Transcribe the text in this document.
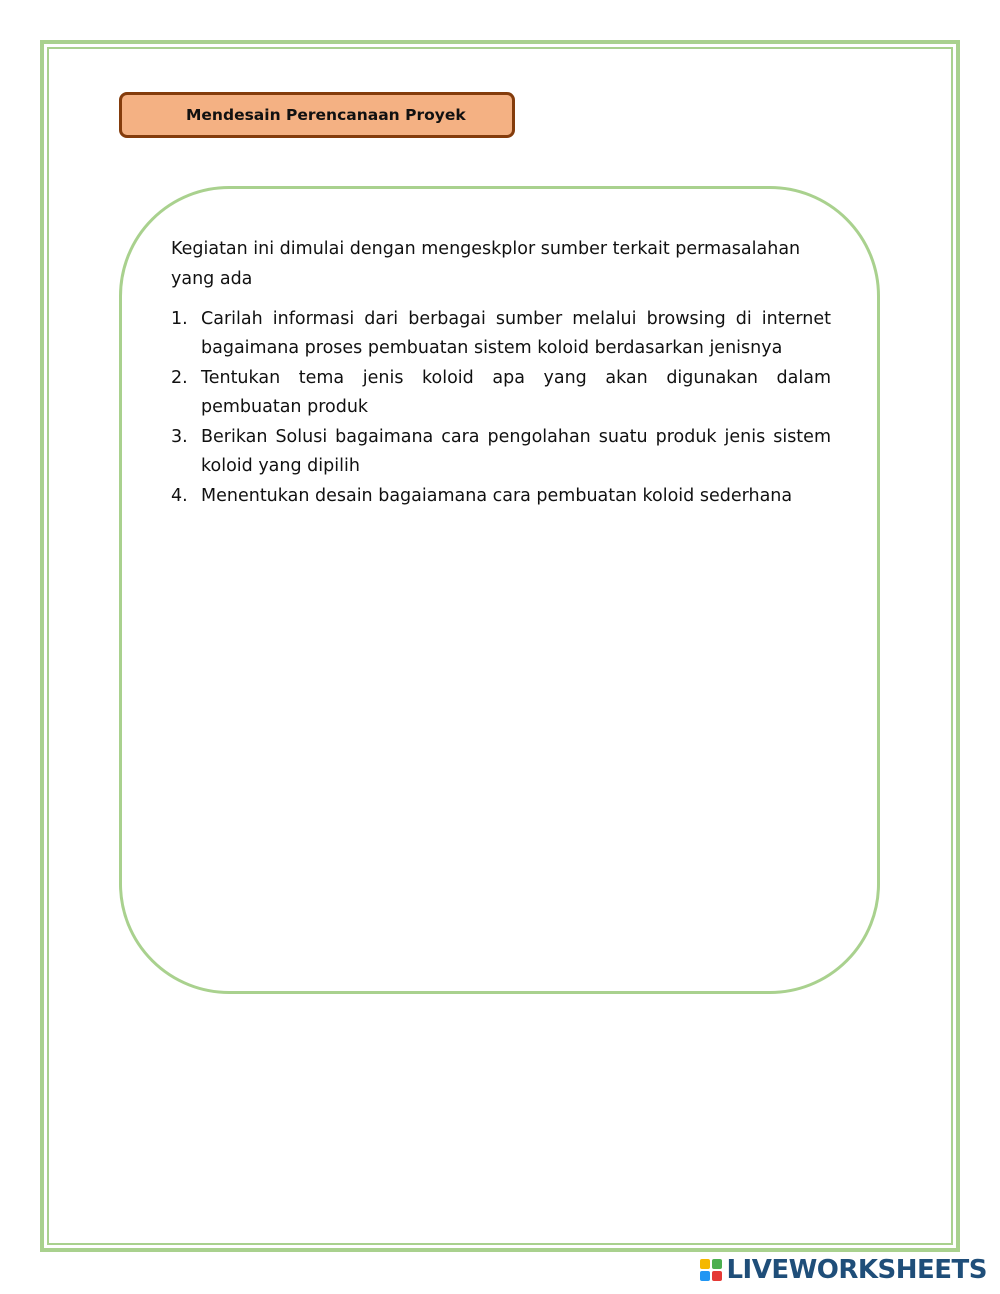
Mendesain Perencanaan Proyek

Kegiatan ini dimulai dengan mengeskplor sumber terkait permasalahan yang ada

1. Carilah informasi dari berbagai sumber melalui browsing di internet bagaimana proses pembuatan sistem koloid berdasarkan jenisnya
2. Tentukan tema jenis koloid apa yang akan digunakan dalam pembuatan produk
3. Berikan Solusi bagaimana cara pengolahan suatu produk jenis sistem koloid yang dipilih
4. Menentukan desain bagaiamana cara pembuatan koloid sederhana
LIVEWORKSHEETS
